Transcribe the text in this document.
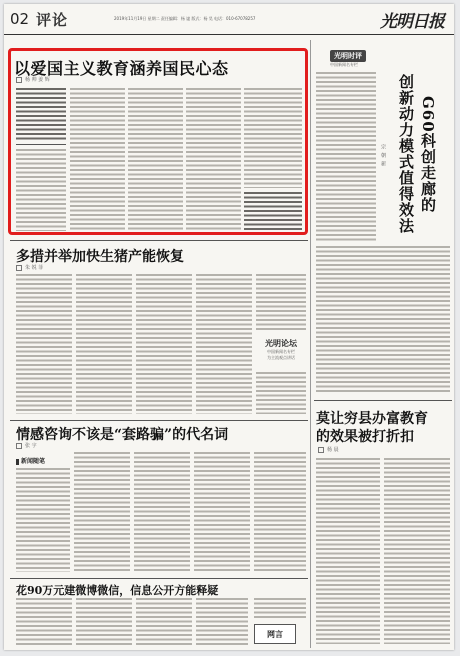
02 评论	2019年11月19日 星期二 责任编辑：杨 谧 版式：杨 昊 电话：010-67078257	光明日报
以爱国主义教育涵养国民心态
杨 帅 姜 辉
光明时评
中国新闻名专栏
G60科创走廊的
创新动力模式值得效法
宗 朝 新
多措并举加快生猪产能恢复
朱 锐 菲
光明论坛
中国新闻名专栏
为主流观点讲话
情感咨询不该是“套路骗”的代名词
张 宇
新闻随笔
莫让穷县办富教育
的效果被打折扣
杨 晨
花90万元建微博微信，信息公开方能释疑
网言
